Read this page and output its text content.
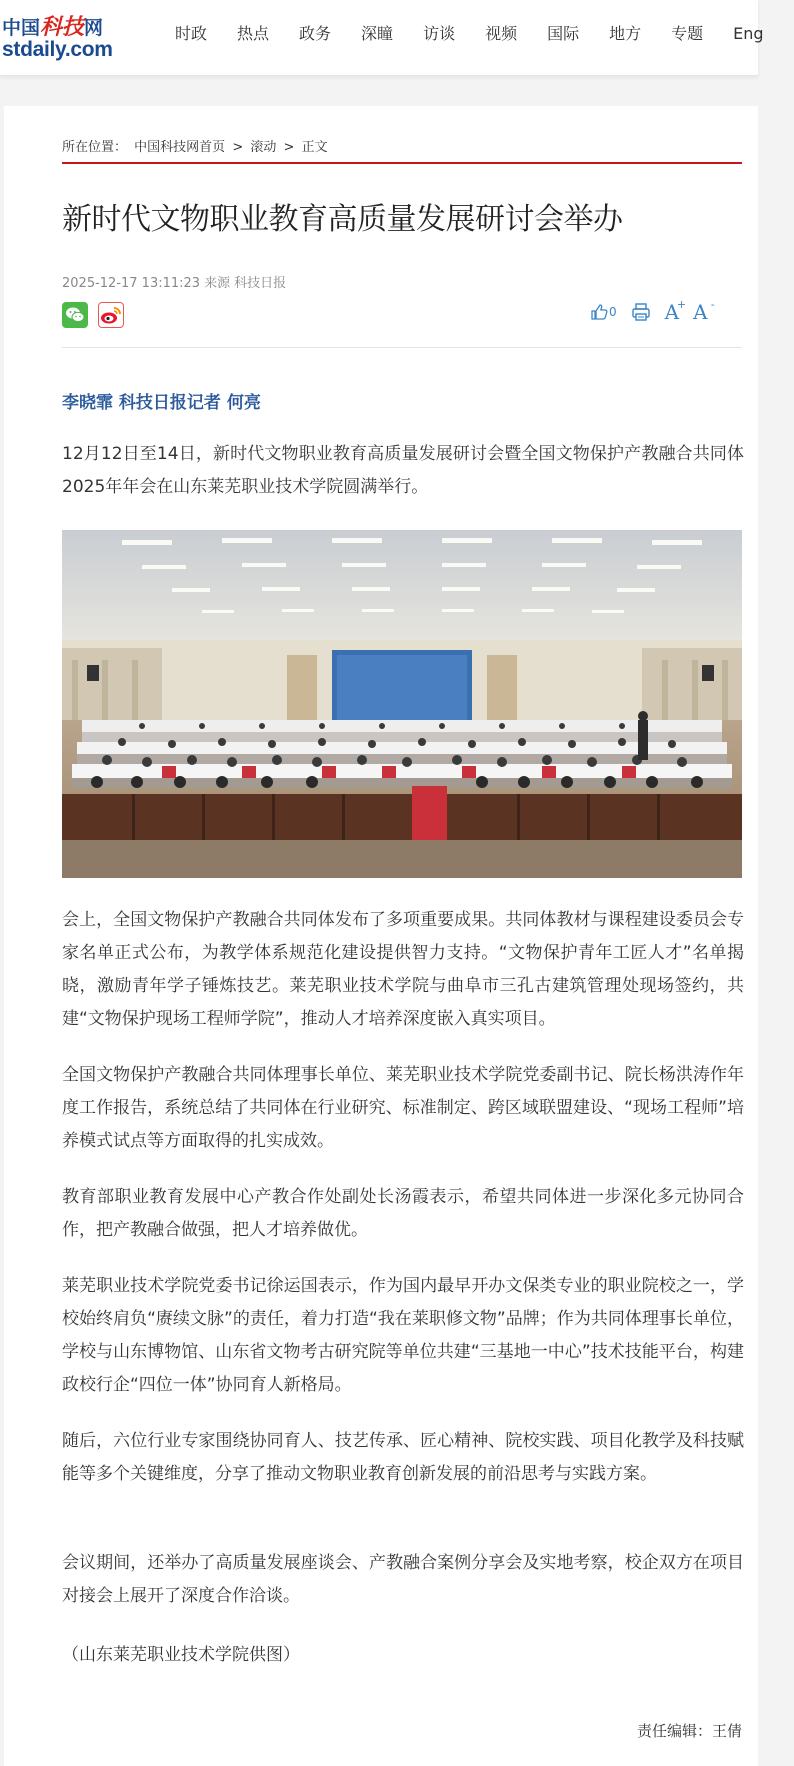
中国科技网
stdaily.com
时政 热点 政务 深瞳 访谈 视频 国际 地方 专题 Eng
所在位置： 中国科技网首页 > 滚动 > 正文
新时代文物职业教育高质量发展研讨会举办
2025-12-17 13:11:23 来源 科技日报
0 A
+ A -
李晓霏 科技日报记者 何亮

12月12日至14日，新时代文物职业教育高质量发展研讨会暨全国文物保护产教融合共同体2025年年会在山东莱芜职业技术学院圆满举行。

会上，全国文物保护产教融合共同体发布了多项重要成果。共同体教材与课程建设委员会专家名单正式公布，为教学体系规范化建设提供智力支持。“文物保护青年工匠人才”名单揭晓，激励青年学子锤炼技艺。莱芜职业技术学院与曲阜市三孔古建筑管理处现场签约，共建“文物保护现场工程师学院”，推动人才培养深度嵌入真实项目。

全国文物保护产教融合共同体理事长单位、莱芜职业技术学院党委副书记、院长杨洪涛作年度工作报告，系统总结了共同体在行业研究、标准制定、跨区域联盟建设、“现场工程师”培养模式试点等方面取得的扎实成效。

教育部职业教育发展中心产教合作处副处长汤霞表示，希望共同体进一步深化多元协同合作，把产教融合做强，把人才培养做优。

莱芜职业技术学院党委书记徐运国表示，作为国内最早开办文保类专业的职业院校之一，学校始终肩负“赓续文脉”的责任，着力打造“我在莱职修文物”品牌；作为共同体理事长单位，学校与山东博物馆、山东省文物考古研究院等单位共建“三基地一中心”技术技能平台，构建政校行企“四位一体”协同育人新格局。

随后，六位行业专家围绕协同育人、技艺传承、匠心精神、院校实践、项目化教学及科技赋能等多个关键维度，分享了推动文物职业教育创新发展的前沿思考与实践方案。

会议期间，还举办了高质量发展座谈会、产教融合案例分享会及实地考察，校企双方在项目对接会上展开了深度合作洽谈。

（山东莱芜职业技术学院供图）
责任编辑：王倩
